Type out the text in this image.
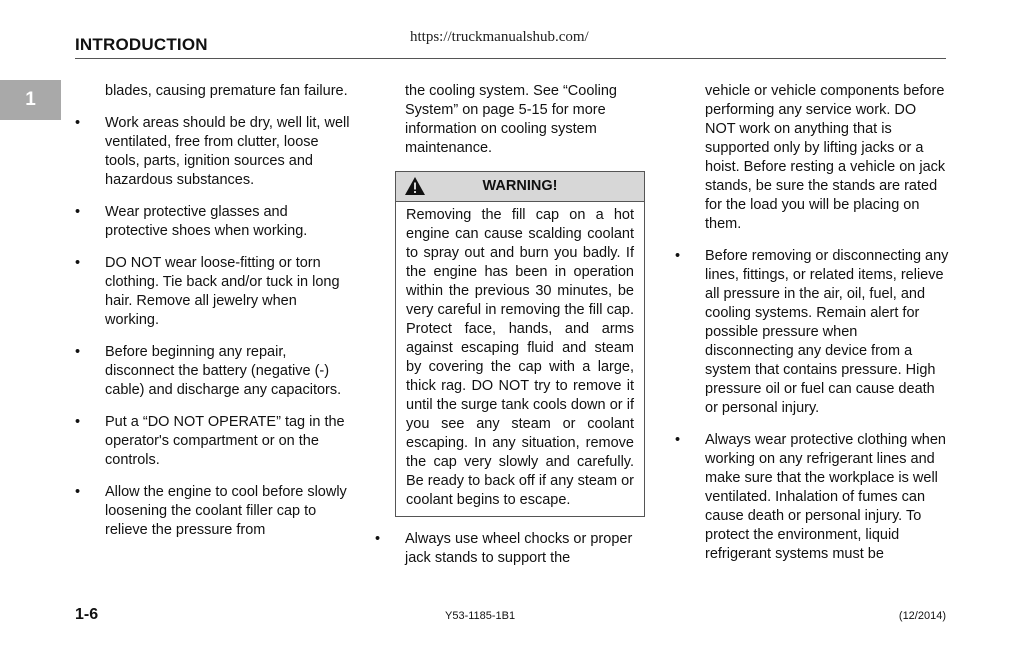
INTRODUCTION	https://truckmanualshub.com/
1	blades, causing premature fan failure.

• Work areas should be dry, well lit, well ventilated, free from clutter, loose tools, parts, ignition sources and hazardous substances.

• Wear protective glasses and protective shoes when working.

• DO NOT wear loose-fitting or torn clothing. Tie back and/or tuck in long hair. Remove all jewelry when working.

• Before beginning any repair, disconnect the battery (negative (-) cable) and discharge any capacitors.

• Put a “DO NOT OPERATE” tag in the operator's compartment or on the controls.

• Allow the engine to cool before slowly loosening the coolant filler cap to relieve the pressure from

the cooling system. See “Cooling System” on page 5-15 for more information on cooling system maintenance.

WARNING!
Removing the fill cap on a hot engine can cause scalding coolant to spray out and burn you badly. If the engine has been in operation within the previous 30 minutes, be very careful in removing the fill cap. Protect face, hands, and arms against escaping fluid and steam by covering the cap with a large, thick rag. DO NOT try to remove it until the surge tank cools down or if you see any steam or coolant escaping. In any situation, remove the cap very slowly and carefully. Be ready to back off if any steam or coolant begins to escape.
• Always use wheel chocks or proper jack stands to support the

vehicle or vehicle components before performing any service work. DO NOT work on anything that is supported only by lifting jacks or a hoist. Before resting a vehicle on jack stands, be sure the stands are rated for the load you will be placing on them.

• Before removing or disconnecting any lines, fittings, or related items, relieve all pressure in the air, oil, fuel, and cooling systems. Remain alert for possible pressure when disconnecting any device from a system that contains pressure. High pressure oil or fuel can cause death or personal injury.

• Always wear protective clothing when working on any refrigerant lines and make sure that the workplace is well ventilated. Inhalation of fumes can cause death or personal injury. To protect the environment, liquid refrigerant systems must be

1-6	Y53-1185-1B1	(12/2014)
